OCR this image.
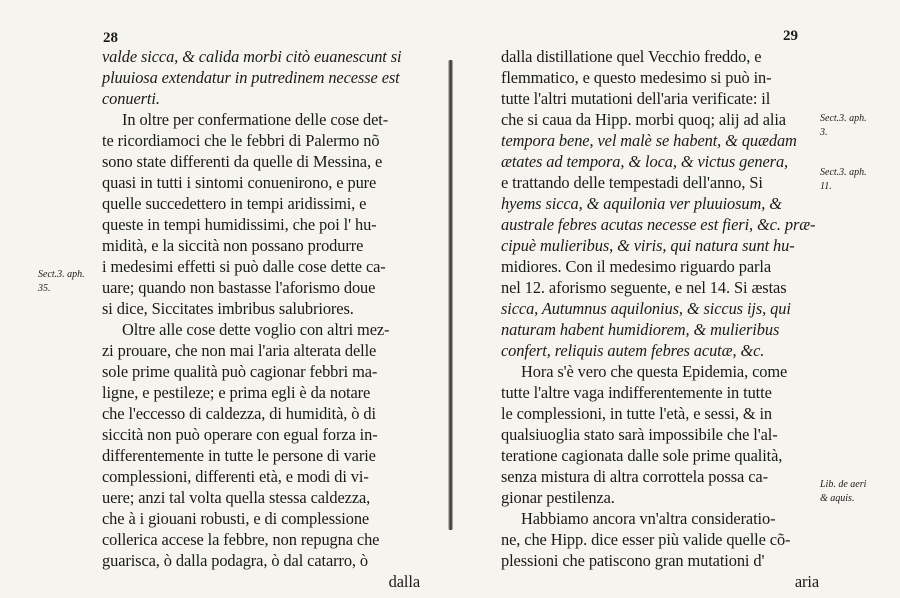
28
valde sicca, & calida morbi citò euanescunt si
pluuiosa extendatur in putredinem necesse est
conuerti.
In oltre per confermatione delle cose det-
te ricordiamoci che le febbri di Palermo nõ
sono state differenti da quelle di Messina, e
quasi in tutti i sintomi conuenirono, e pure
quelle succedettero in tempi aridissimi, e
queste in tempi humidissimi, che poi l' hu-
midità, e la siccità non possano produrre
i medesimi effetti si può dalle cose dette ca-
uare; quando non bastasse l'aforismo doue
si dice, Siccitates imbribus salubriores.
Oltre alle cose dette voglio con altri mez-
zi prouare, che non mai l'aria alterata delle
sole prime qualità può cagionar febbri ma-
ligne, e pestileze; e prima egli è da notare
che l'eccesso di caldezza, di humidità, ò di
siccità non può operare con egual forza in-
differentemente in tutte le persone di varie
complessioni, differenti età, e modi di vi-
uere; anzi tal volta quella stessa caldezza,
che à i giouani robusti, e di complessione
collerica accese la febbre, non repugna che
guarisca, ò dalla podagra, ò dal catarro, ò
dalla
29
dalla distillatione quel Vecchio freddo, e
flemmatico, e questo medesimo si può in-
tutte l'altri mutationi dell'aria verificate: il
che si caua da Hipp. morbi quoq; alij ad alia
tempora bene, vel malè se habent, & quædam
ætates ad tempora, & loca, & victus genera,
e trattando delle tempestadi dell'anno, Si
hyems sicca, & aquilonia ver pluuiosum, &
australe febres acutas necesse est fieri, &c. præ-
cipuè mulieribus, & viris, qui natura sunt hu-
midiores. Con il medesimo riguardo parla
nel 12. aforismo seguente, e nel 14. Si æstas
sicca, Autumnus aquilonius, & siccus ijs, qui
naturam habent humidiorem, & mulieribus
confert, reliquis autem febres acutæ, &c.
Hora s'è vero che questa Epidemia, come
tutte l'altre vaga indifferentemente in tutte
le complessioni, in tutte l'età, e sessi, & in
qualsiuoglia stato sarà impossibile che l'al-
teratione cagionata dalle sole prime qualità,
senza mistura di altra corrottela possa ca-
gionar pestilenza.
Habbiamo ancora vn'altra consideratio-
ne, che Hipp. dice esser più valide quelle cõ-
plessioni che patiscono gran mutationi d'
aria
Sect.3. aph.
35.
Sect.3. aph.
3.
Sect.3. aph.
11.
Lib. de aeri
& aquis.
